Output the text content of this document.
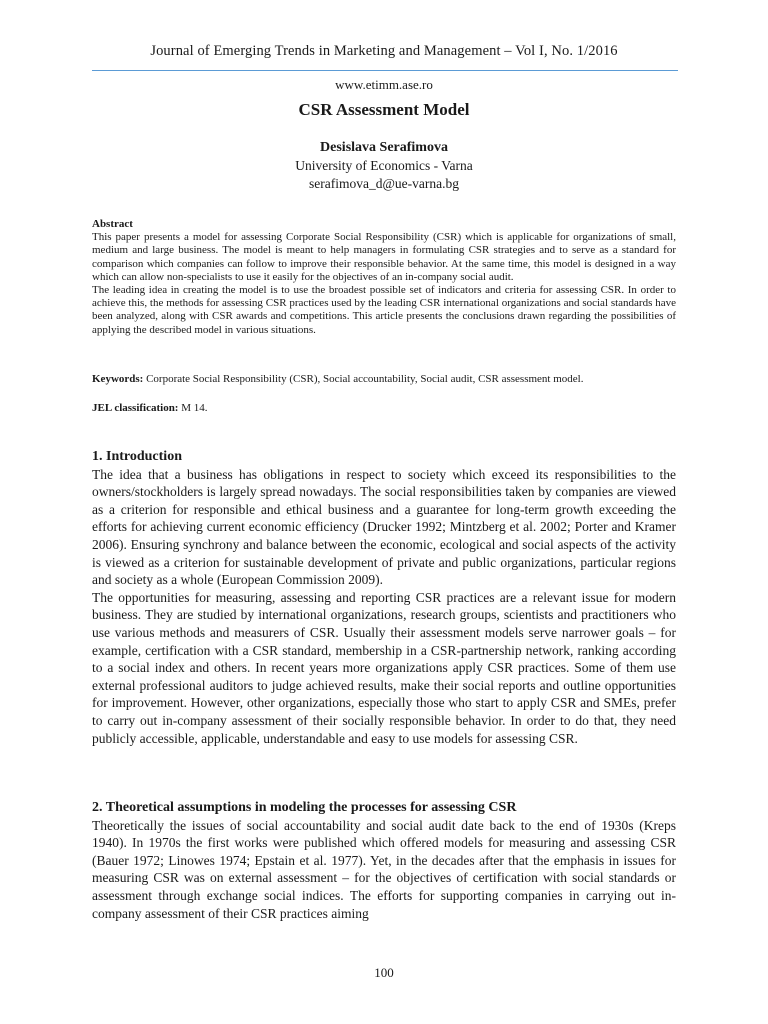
Journal of Emerging Trends in Marketing and Management – Vol I, No. 1/2016
www.etimm.ase.ro
CSR Assessment Model
Desislava Serafimova
University of Economics - Varna
serafimova_d@ue-varna.bg
Abstract

This paper presents a model for assessing Corporate Social Responsibility (CSR) which is applicable for organizations of small, medium and large business. The model is meant to help managers in formulating CSR strategies and to serve as a standard for comparison which companies can follow to improve their responsible behavior. At the same time, this model is designed in a way which can allow non-specialists to use it easily for the objectives of an in-company social audit.

The leading idea in creating the model is to use the broadest possible set of indicators and criteria for assessing CSR. In order to achieve this, the methods for assessing CSR practices used by the leading CSR international organizations and social standards have been analyzed, along with CSR awards and competitions. This article presents the conclusions drawn regarding the possibilities of applying the described model in various situations.

Keywords: Corporate Social Responsibility (CSR), Social accountability, Social audit, CSR assessment model.
JEL classification: M 14.
1. Introduction

The idea that a business has obligations in respect to society which exceed its responsibilities to the owners/stockholders is largely spread nowadays. The social responsibilities taken by companies are viewed as a criterion for responsible and ethical business and a guarantee for long-term growth exceeding the efforts for achieving current economic efficiency (Drucker 1992; Mintzberg et al. 2002; Porter and Kramer 2006). Ensuring synchrony and balance between the economic, ecological and social aspects of the activity is viewed as a criterion for sustainable development of private and public organizations, particular regions and society as a whole (European Commission 2009).

The opportunities for measuring, assessing and reporting CSR practices are a relevant issue for modern business. They are studied by international organizations, research groups, scientists and practitioners who use various methods and measurers of CSR. Usually their assessment models serve narrower goals – for example, certification with a CSR standard, membership in a CSR-partnership network, ranking according to a social index and others. In recent years more organizations apply CSR practices. Some of them use external professional auditors to judge achieved results, make their social reports and outline opportunities for improvement. However, other organizations, especially those who start to apply CSR and SMEs, prefer to carry out in-company assessment of their socially responsible behavior. In order to do that, they need publicly accessible, applicable, understandable and easy to use models for assessing CSR.

2. Theoretical assumptions in modeling the processes for assessing CSR

Theoretically the issues of social accountability and social audit date back to the end of 1930s (Kreps 1940). In 1970s the first works were published which offered models for measuring and assessing CSR (Bauer 1972; Linowes 1974; Epstain et al. 1977). Yet, in the decades after that the emphasis in issues for measuring CSR was on external assessment – for the objectives of certification with social standards or assessment through exchange social indices. The efforts for supporting companies in carrying out in-company assessment of their CSR practices aiming

100
